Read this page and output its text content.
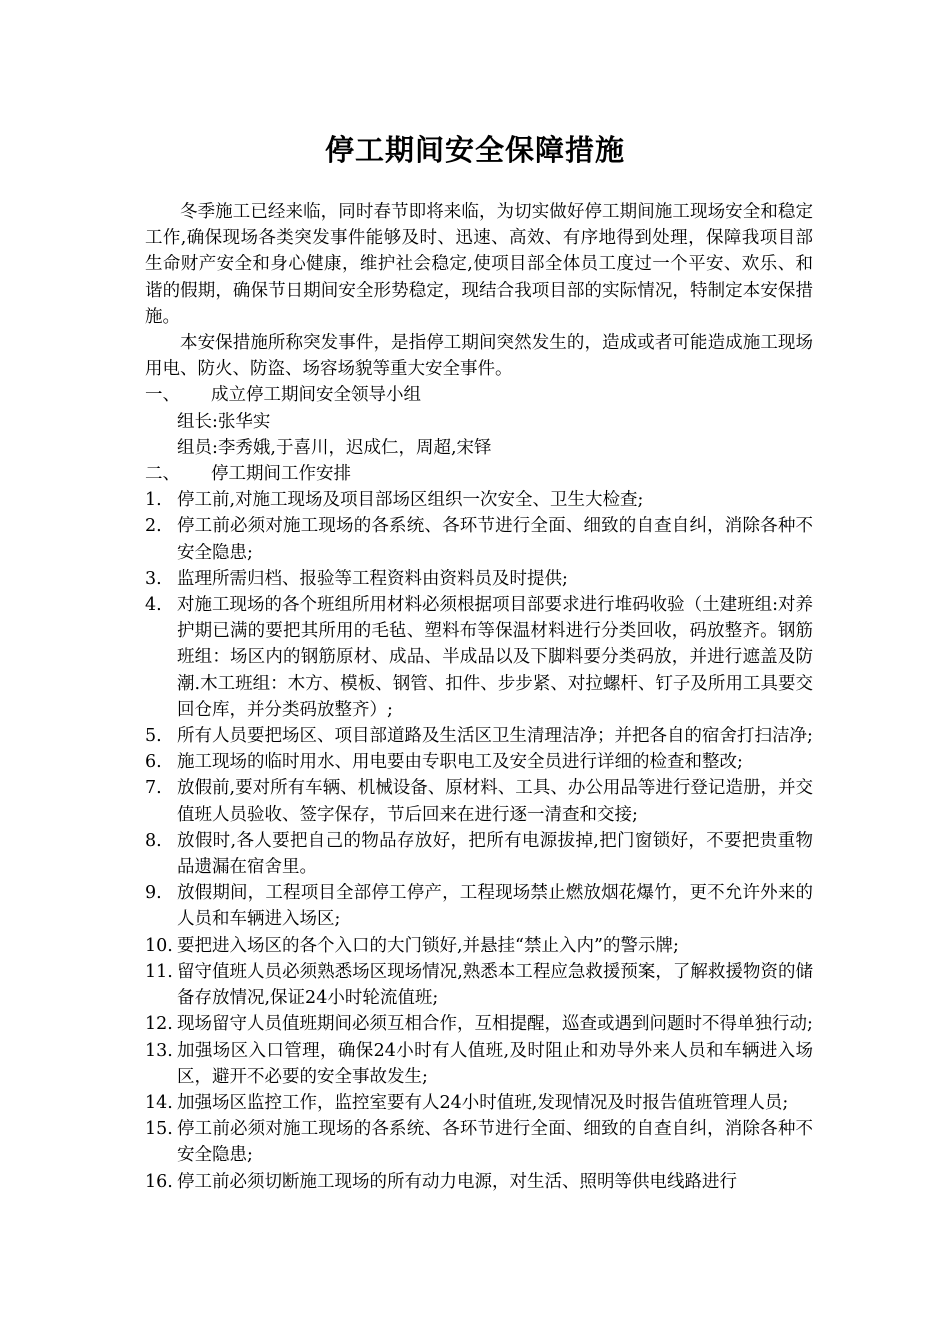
停工期间安全保障措施

冬季施工已经来临，同时春节即将来临，为切实做好停工期间施工现场安全和稳定工作,确保现场各类突发事件能够及时、迅速、高效、有序地得到处理，保障我项目部生命财产安全和身心健康，维护社会稳定,使项目部全体员工度过一个平安、欢乐、和谐的假期，确保节日期间安全形势稳定，现结合我项目部的实际情况，特制定本安保措施。

本安保措施所称突发事件，是指停工期间突然发生的，造成或者可能造成施工现场用电、防火、防盗、场容场貌等重大安全事件。

一、 成立停工期间安全领导小组

组长:张华实

组员:李秀娥,于喜川，迟成仁，周超,宋铎

二、 停工期间工作安排
1. 停工前,对施工现场及项目部场区组织一次安全、卫生大检查;
2. 停工前必须对施工现场的各系统、各环节进行全面、细致的自查自纠，消除各种不安全隐患;
3. 监理所需归档、报验等工程资料由资料员及时提供;
4. 对施工现场的各个班组所用材料必须根据项目部要求进行堆码收验（土建班组:对养护期已满的要把其所用的毛毡、塑料布等保温材料进行分类回收，码放整齐。钢筋班组：场区内的钢筋原材、成品、半成品以及下脚料要分类码放，并进行遮盖及防潮.木工班组：木方、模板、钢管、扣件、步步紧、对拉螺杆、钉子及所用工具要交回仓库，并分类码放整齐）;
5. 所有人员要把场区、项目部道路及生活区卫生清理洁净；并把各自的宿舍打扫洁净;
6. 施工现场的临时用水、用电要由专职电工及安全员进行详细的检查和整改;
7. 放假前,要对所有车辆、机械设备、原材料、工具、办公用品等进行登记造册，并交值班人员验收、签字保存，节后回来在进行逐一清查和交接;
8. 放假时,各人要把自己的物品存放好，把所有电源拔掉,把门窗锁好，不要把贵重物品遗漏在宿舍里。
9. 放假期间，工程项目全部停工停产，工程现场禁止燃放烟花爆竹，更不允许外来的人员和车辆进入场区;
10. 要把进入场区的各个入口的大门锁好,并悬挂“禁止入内”的警示牌;
11. 留守值班人员必须熟悉场区现场情况,熟悉本工程应急救援预案，了解救援物资的储备存放情况,保证24小时轮流值班;
12. 现场留守人员值班期间必须互相合作，互相提醒，巡查或遇到问题时不得单独行动;
13. 加强场区入口管理，确保24小时有人值班,及时阻止和劝导外来人员和车辆进入场区，避开不必要的安全事故发生;
14. 加强场区监控工作，监控室要有人24小时值班,发现情况及时报告值班管理人员;
15. 停工前必须对施工现场的各系统、各环节进行全面、细致的自查自纠，消除各种不安全隐患;
16. 停工前必须切断施工现场的所有动力电源，对生活、照明等供电线路进行
